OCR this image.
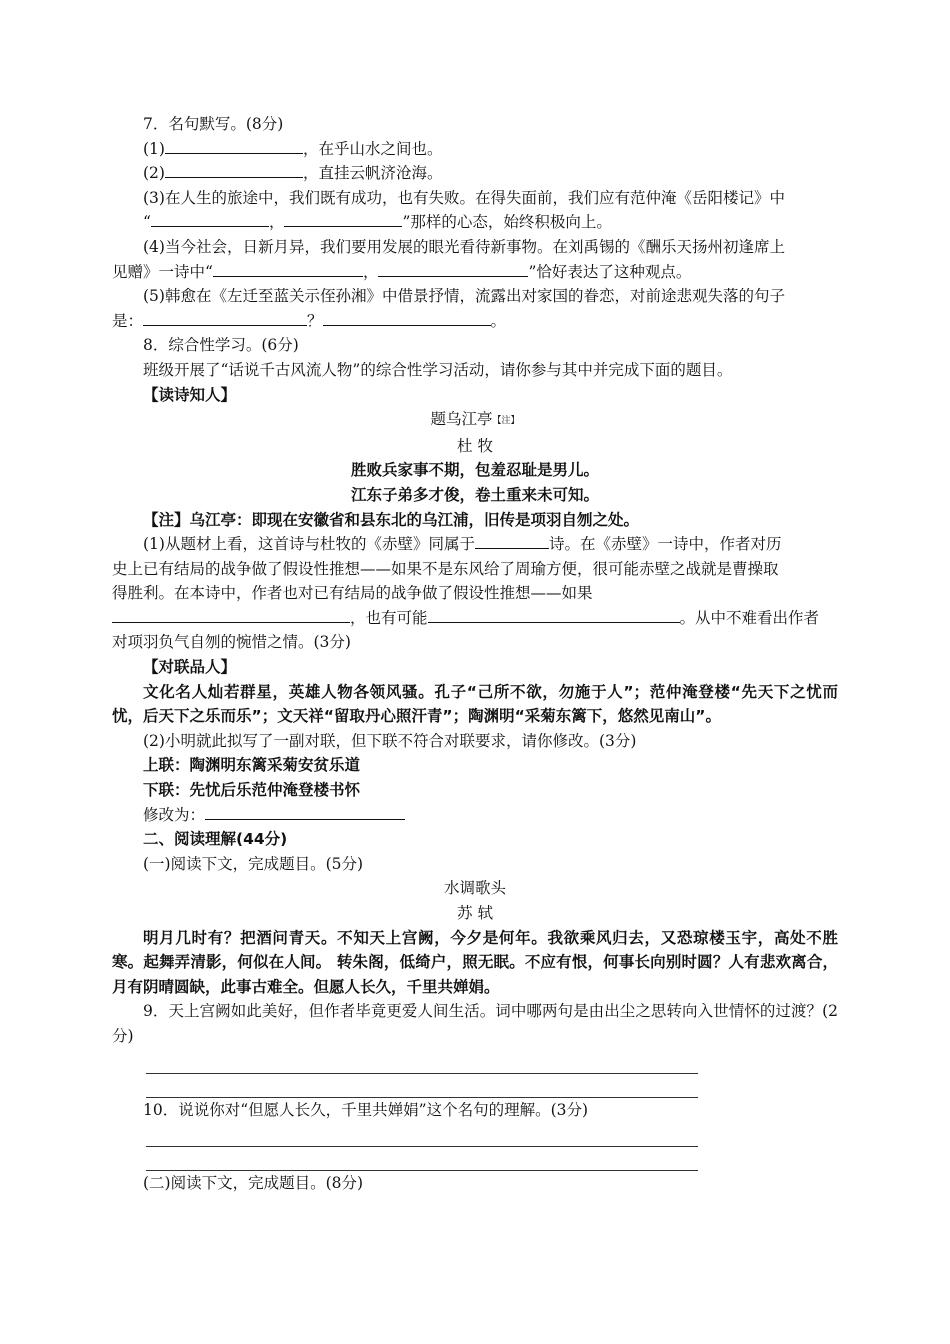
7．名句默写。(8分)

(1)	，在乎山水之间也。

(2)	，直挂云帆济沧海。

(3)在人生的旅途中，我们既有成功，也有失败。在得失面前，我们应有范仲淹《岳阳楼记》中

“	，	”那样的心态，始终积极向上。

(4)当今社会，日新月异，我们要用发展的眼光看待新事物。在刘禹锡的《酬乐天扬州初逢席上

见赠》一诗中“	，	”恰好表达了这种观点。

(5)韩愈在《左迁至蓝关示侄孙湘》中借景抒情，流露出对家国的眷恋，对前途悲观失落的句子

是：	？	。

8．综合性学习。(6分)

班级开展了“话说千古风流人物”的综合性学习活动，请你参与其中并完成下面的题目。

【读诗知人】

题乌江亭【注】

杜 牧

胜败兵家事不期，包羞忍耻是男儿。

江东子弟多才俊，卷土重来未可知。

【注】乌江亭：即现在安徽省和县东北的乌江浦，旧传是项羽自刎之处。

(1)从题材上看，这首诗与杜牧的《赤壁》同属于	诗。在《赤壁》一诗中，作者对历

史上已有结局的战争做了假设性推想——如果不是东风给了周瑜方便，很可能赤壁之战就是曹操取

得胜利。在本诗中，作者也对已有结局的战争做了假设性推想——如果

，也有可能	。从中不难看出作者

对项羽负气自刎的惋惜之情。(3分)

【对联品人】

文化名人灿若群星，英雄人物各领风骚。孔子“己所不欲，勿施于人”；范仲淹登楼“先天下之忧而忧，后天下之乐而乐”；文天祥“留取丹心照汗青”；陶渊明“采菊东篱下，悠然见南山”。

(2)小明就此拟写了一副对联，但下联不符合对联要求，请你修改。(3分)

上联：陶渊明东篱采菊安贫乐道

下联：先忧后乐范仲淹登楼书怀

修改为：

二、阅读理解(44分)

(一)阅读下文，完成题目。(5分)

水调歌头

苏 轼

明月几时有？把酒问青天。不知天上宫阙，今夕是何年。我欲乘风归去，又恐琼楼玉宇，高处不胜寒。起舞弄清影，何似在人间。 转朱阁，低绮户，照无眠。不应有恨，何事长向别时圆？人有悲欢离合，月有阴晴圆缺，此事古难全。但愿人长久，千里共婵娟。

9．天上宫阙如此美好，但作者毕竟更爱人间生活。词中哪两句是由出尘之思转向入世情怀的过渡？(2分)

10．说说你对“但愿人长久，千里共婵娟”这个名句的理解。(3分)

(二)阅读下文，完成题目。(8分)
